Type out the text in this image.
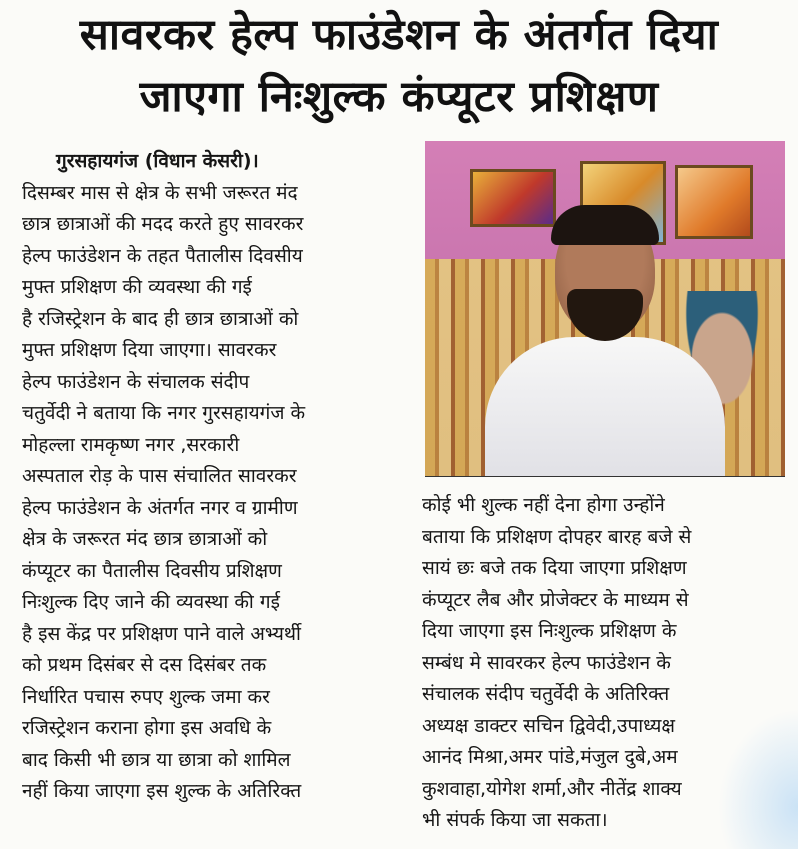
सावरकर हेल्प फाउंडेशन के अंतर्गत दिया
जाएगा निःशुल्क कंप्यूटर प्रशिक्षण
गुरसहायगंज (विधान केसरी)।
दिसम्बर मास से क्षेत्र के सभी जरूरत मंद
छात्र छात्राओं की मदद करते हुए सावरकर
हेल्प फाउंडेशन के तहत पैतालीस दिवसीय
मुफ्त प्रशिक्षण की व्यवस्था की गई
है रजिस्ट्रेशन के बाद ही छात्र छात्राओं को
मुफ्त प्रशिक्षण दिया जाएगा। सावरकर
हेल्प फाउंडेशन के संचालक संदीप
चतुर्वेदी ने बताया कि नगर गुरसहायगंज के
मोहल्ला रामकृष्ण नगर ,सरकारी
अस्पताल रोड़ के पास संचालित सावरकर
हेल्प फाउंडेशन के अंतर्गत नगर व ग्रामीण
क्षेत्र के जरूरत मंद छात्र छात्राओं को
कंप्यूटर का पैतालीस दिवसीय प्रशिक्षण
निःशुल्क दिए जाने की व्यवस्था की गई
है इस केंद्र पर प्रशिक्षण पाने वाले अभ्यर्थी
को प्रथम दिसंबर से दस दिसंबर तक
निर्धारित पचास रुपए शुल्क जमा कर
रजिस्ट्रेशन कराना होगा इस अवधि के
बाद किसी भी छात्र या छात्रा को शामिल
नहीं किया जाएगा इस शुल्क के अतिरिक्त
कोई भी शुल्क नहीं देना होगा उन्होंने
बताया कि प्रशिक्षण दोपहर बारह बजे से
सायं छः बजे तक दिया जाएगा प्रशिक्षण
कंप्यूटर लैब और प्रोजेक्टर के माध्यम से
दिया जाएगा इस निःशुल्क प्रशिक्षण के
सम्बंध मे सावरकर हेल्प फाउंडेशन के
संचालक संदीप चतुर्वेदी के अतिरिक्त
अध्यक्ष डाक्टर सचिन द्विवेदी,उपाध्यक्ष
आनंद मिश्रा,अमर पांडे,मंजुल दुबे,अम
कुशवाहा,योगेश शर्मा,और नीतेंद्र शाक्य
भी संपर्क किया जा सकता।
